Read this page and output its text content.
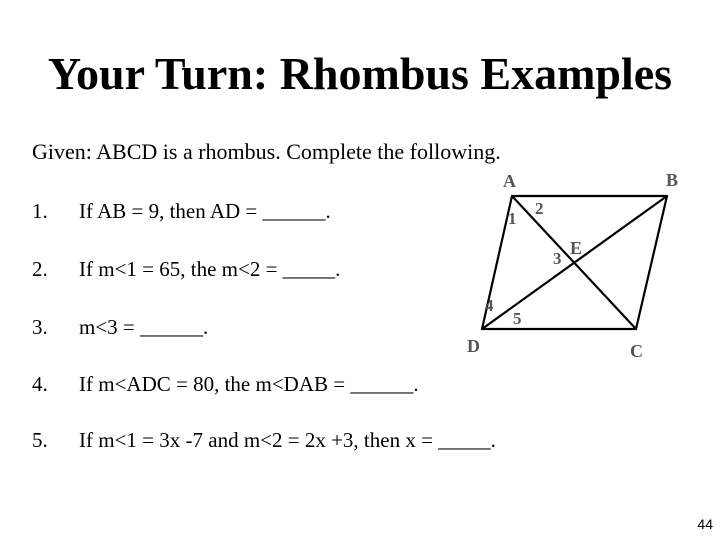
Your Turn: Rhombus Examples
Given: ABCD is a rhombus. Complete the following.
1. If AB = 9, then AD = ______.
2. If m<1 = 65, the m<2 = _____.
3. m<3 = ______.
4. If m<ADC = 80, the m<DAB = ______.
5. If m<1 = 3x -7 and m<2 = 2x +3, then x = _____.
A	B
C
D
E
1
2
3
4
5
44
